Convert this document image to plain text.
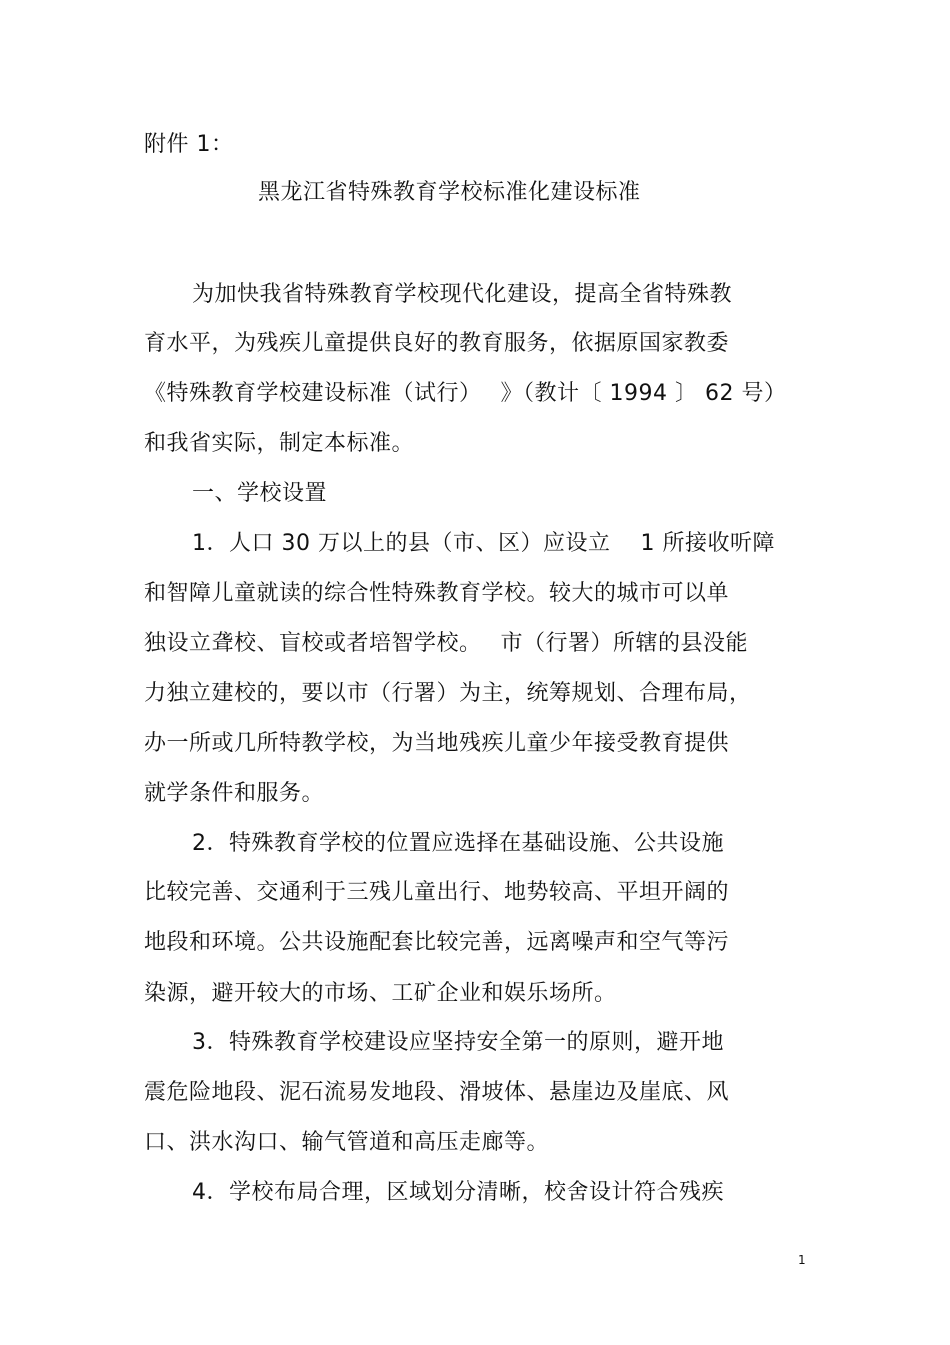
附件 1：
黑龙江省特殊教育学校标准化建设标准
为加快我省特殊教育学校现代化建设，提高全省特殊教
育水平，为残疾儿童提供良好的教育服务，依据原国家教委
《特殊教育学校建设标准（试行）　 》（教计〔 1994 〕 62 号）
和我省实际，制定本标准。
一、学校设置
1．人口 30 万以上的县（市、区）应设立　 1 所接收听障
和智障儿童就读的综合性特殊教育学校。较大的城市可以单
独设立聋校、盲校或者培智学校。　 市（行署）所辖的县没能
力独立建校的，要以市（行署）为主，统筹规划、合理布局，
办一所或几所特教学校，为当地残疾儿童少年接受教育提供
就学条件和服务。
2．特殊教育学校的位置应选择在基础设施、公共设施
比较完善、交通利于三残儿童出行、地势较高、平坦开阔的
地段和环境。公共设施配套比较完善，远离噪声和空气等污
染源，避开较大的市场、工矿企业和娱乐场所。
3．特殊教育学校建设应坚持安全第一的原则，避开地
震危险地段、泥石流易发地段、滑坡体、悬崖边及崖底、风
口、洪水沟口、输气管道和高压走廊等。
4．学校布局合理，区域划分清晰，校舍设计符合残疾
1
